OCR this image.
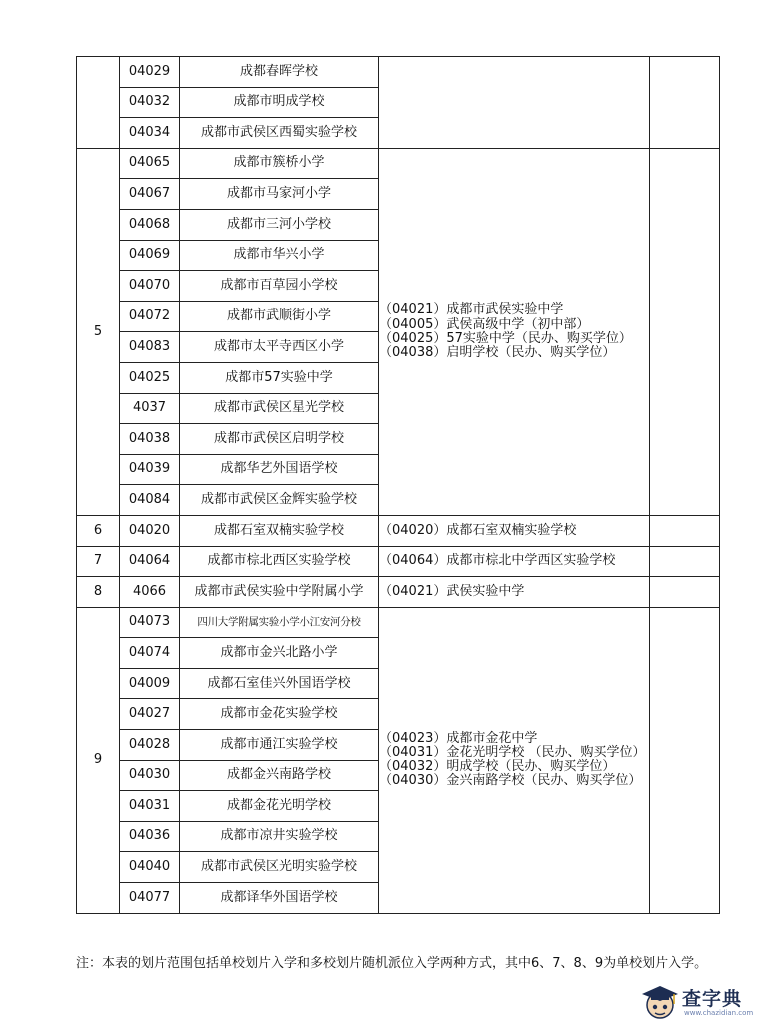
	04029	成都春晖学校		
	04032	成都市明成学校		
	04034	成都市武侯区西蜀实验学校		
5	04065	成都市簇桥小学	（04021）成都市武侯实验中学
（04005）武侯高级中学（初中部）
（04025）57实验中学（民办、购买学位）
（04038）启明学校（民办、购买学位）	

	04067	成都市马家河小学		
	04068	成都市三河小学校		
	04069	成都市华兴小学		
	04070	成都市百草园小学校		
	04072	成都市武顺街小学		
	04083	成都市太平寺西区小学		
	04025	成都市57实验中学		
	4037	成都市武侯区星光学校		
	04038	成都市武侯区启明学校		
	04039	成都华艺外国语学校		
	04084	成都市武侯区金辉实验学校		
6	04020	成都石室双楠实验学校	（04020）成都石室双楠实验学校	
7	04064	成都市棕北西区实验学校	（04064）成都市棕北中学西区实验学校	
8	4066	成都市武侯实验中学附属小学	（04021）武侯实验中学	
9	04073	四川大学附属实验小学小江安河分校	（04023）成都市金花中学
（04031）金花光明学校 （民办、购买学位）
（04032）明成学校（民办、购买学位）
（04030）金兴南路学校（民办、购买学位）	

	04074	成都市金兴北路小学		
	04009	成都石室佳兴外国语学校		
	04027	成都市金花实验学校		
	04028	成都市通江实验学校		
	04030	成都金兴南路学校		
	04031	成都金花光明学校		
	04036	成都市凉井实验学校		
	04040	成都市武侯区光明实验学校		
	04077	成都译华外国语学校		
注：本表的划片范围包括单校划片入学和多校划片随机派位入学两种方式，其中6、7、8、9为单校划片入学。
查字典
www.chazidian.com
